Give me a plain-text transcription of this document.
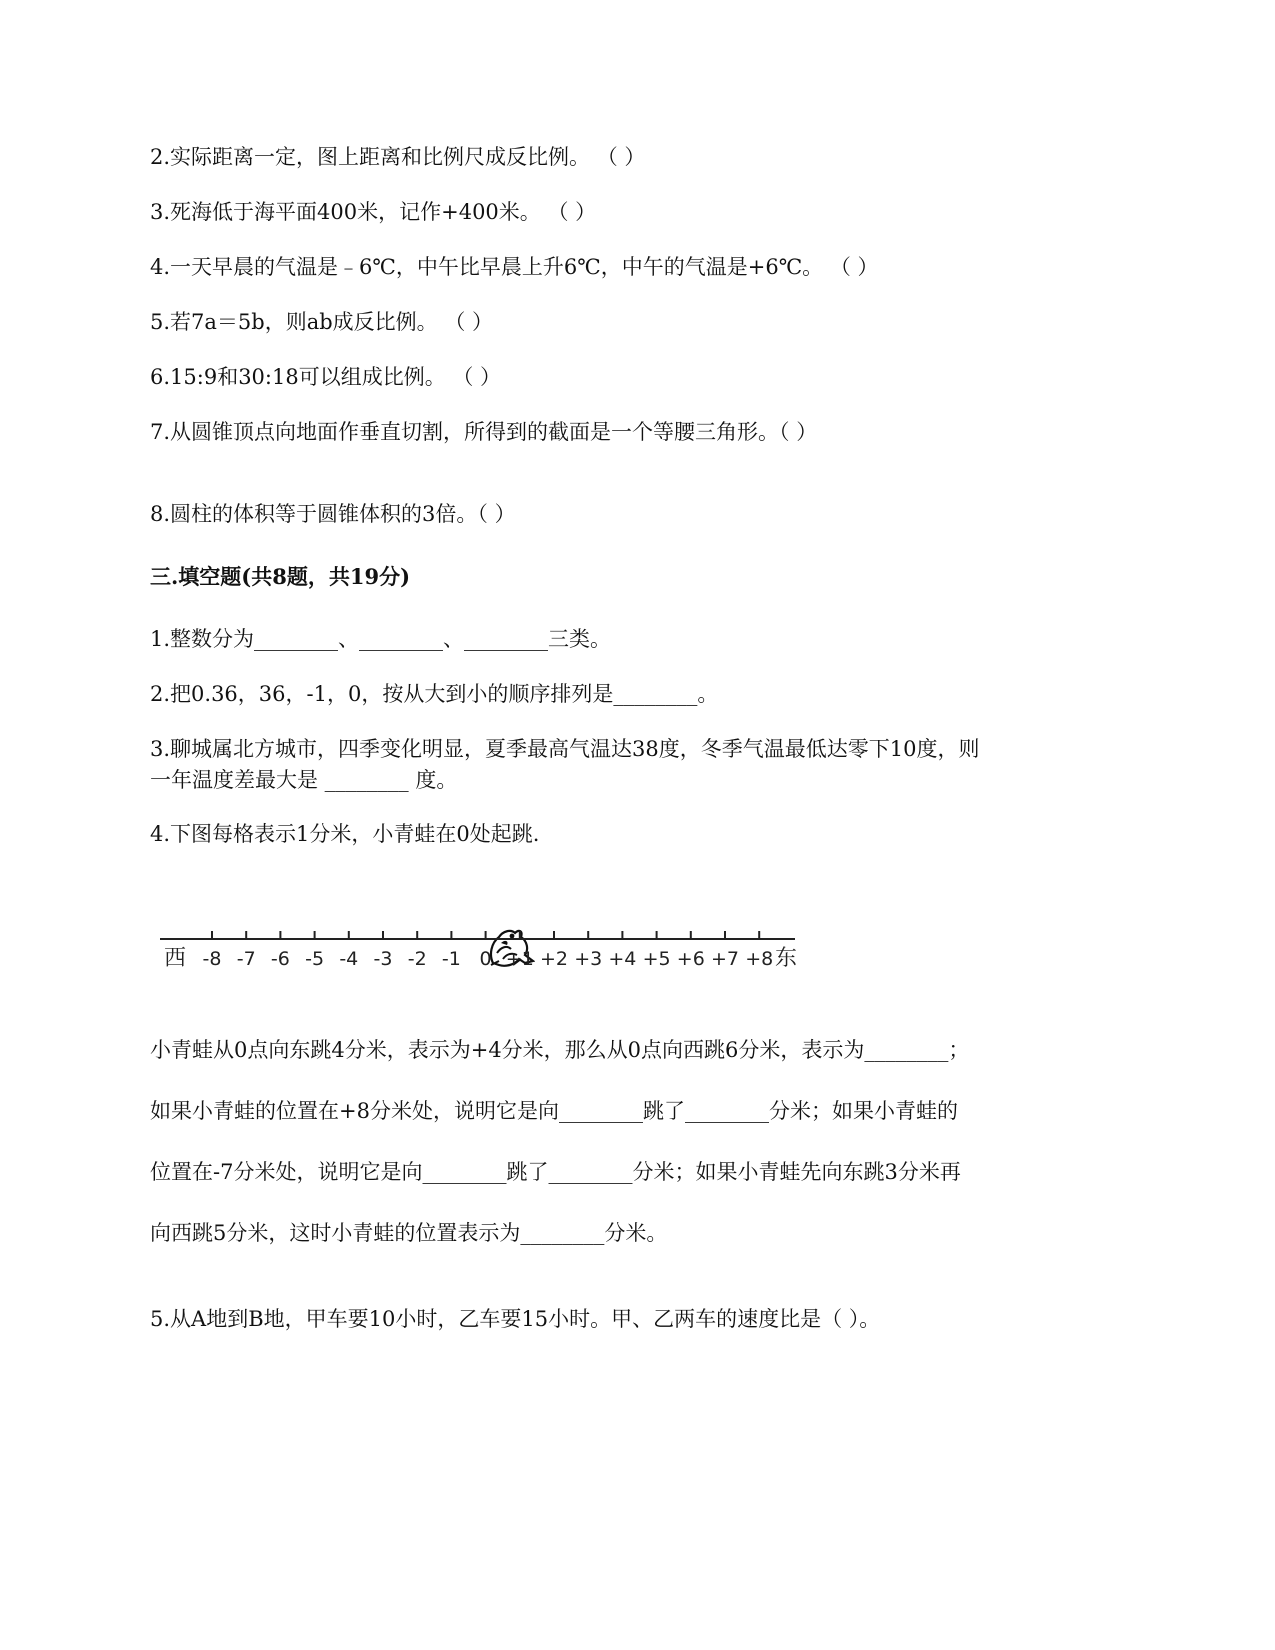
2.实际距离一定，图上距离和比例尺成反比例。 （ ）
3.死海低于海平面400米，记作+400米。 （ ）
4.一天早晨的气温是﹣6℃，中午比早晨上升6℃，中午的气温是+6℃。 （ ）
5.若7a＝5b，则ab成反比例。 （ ）
6.15:9和30:18可以组成比例。 （ ）
7.从圆锥顶点向地面作垂直切割，所得到的截面是一个等腰三角形。（ ）
8.圆柱的体积等于圆锥体积的3倍。（ ）
三.填空题(共8题，共19分)
1.整数分为________、________、________三类。
2.把0.36，36，-1，0，按从大到小的顺序排列是________。
3.聊城属北方城市，四季变化明显，夏季最高气温达38度，冬季气温最低达零下10度，则
一年温度差最大是 ________ 度。
4.下图每格表示1分米，小青蛙在0处起跳.
-8 -7 -6 -5 -4 -3 -2 -1 0 +1 +2 +3 +4 +5 +6 +7 +8
西	东
小青蛙从0点向东跳4分米，表示为+4分米，那么从0点向西跳6分米，表示为________；
如果小青蛙的位置在+8分米处，说明它是向________跳了________分米；如果小青蛙的
位置在-7分米处，说明它是向________跳了________分米；如果小青蛙先向东跳3分米再
向西跳5分米，这时小青蛙的位置表示为________分米。
5.从A地到B地，甲车要10小时，乙车要15小时。甲、乙两车的速度比是（ ）。
